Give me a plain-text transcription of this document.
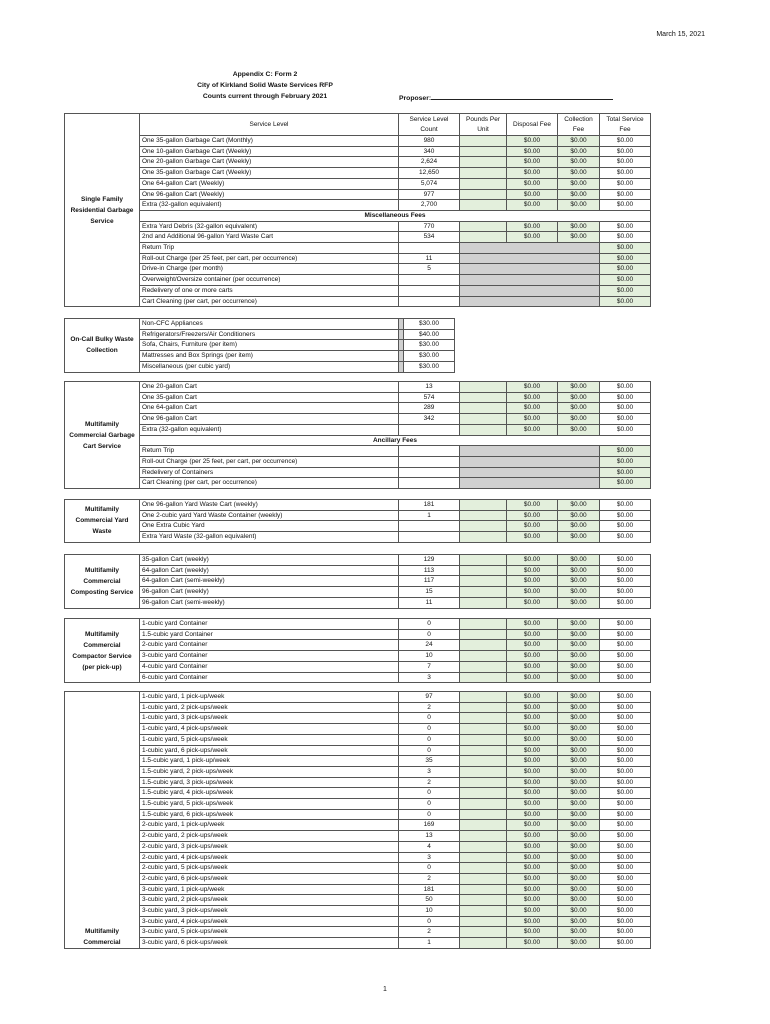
March 15, 2021
Appendix C: Form 2
City of Kirkland Solid Waste Services RFP
Counts current through February 2021	Proposer:
Single Family Residential Garbage Service	Service Level	Service Level Count	Pounds Per Unit	Disposal Fee	Collection Fee	Total Service Fee
	One 35-gallon Garbage Cart (Monthly)	980		$0.00	$0.00	$0.00
	One 10-gallon Garbage Cart (Weekly)	340		$0.00	$0.00	$0.00
	One 20-gallon Garbage Cart (Weekly)	2,624		$0.00	$0.00	$0.00
	One 35-gallon Garbage Cart (Weekly)	12,650		$0.00	$0.00	$0.00
	One 64-gallon Cart (Weekly)	5,074		$0.00	$0.00	$0.00
	One 96-gallon Cart (Weekly)	977		$0.00	$0.00	$0.00
	Extra (32-gallon equivalent)	2,700		$0.00	$0.00	$0.00
	Miscellaneous Fees					
	Extra Yard Debris (32-gallon equivalent)	770		$0.00	$0.00	$0.00
	2nd and Additional 96-gallon Yard Waste Cart	534		$0.00	$0.00	$0.00
	Return Trip					$0.00
	Roll-out Charge (per 25 feet, per cart, per occurrence)	11				$0.00
	Drive-in Charge (per month)	5				$0.00
	Overweight/Oversize container (per occurrence)					$0.00
	Redelivery of one or more carts					$0.00
	Cart Cleaning (per cart, per occurrence)					$0.00
On-Call Bulky Waste Collection	Non-CFC Appliances		$30.00
	Refrigerators/Freezers/Air Conditioners		$40.00
	Sofa, Chairs, Furniture (per item)		$30.00
	Mattresses and Box Springs (per item)		$30.00
	Miscellaneous (per cubic yard)		$30.00
Multifamily Commercial Garbage Cart Service	One 20-gallon Cart	13		$0.00	$0.00	$0.00
	One 35-gallon Cart	574		$0.00	$0.00	$0.00
	One 64-gallon Cart	289		$0.00	$0.00	$0.00
	One 96-gallon Cart	342		$0.00	$0.00	$0.00
	Extra (32-gallon equivalent)			$0.00	$0.00	$0.00
	Ancillary Fees					
	Return Trip					$0.00
	Roll-out Charge (per 25 feet, per cart, per occurrence)					$0.00
	Redelivery of Containers					$0.00
	Cart Cleaning (per cart, per occurrence)					$0.00
Multifamily Commercial Yard Waste	One 96-gallon Yard Waste Cart (weekly)	181		$0.00	$0.00	$0.00
	One 2-cubic yard Yard Waste Container (weekly)	1		$0.00	$0.00	$0.00
	One Extra Cubic Yard			$0.00	$0.00	$0.00
	Extra Yard Waste (32-gallon equivalent)			$0.00	$0.00	$0.00
Multifamily Commercial Composting Service	35-gallon Cart (weekly)	129		$0.00	$0.00	$0.00
	64-gallon Cart (weekly)	113		$0.00	$0.00	$0.00
	64-gallon Cart (semi-weekly)	117		$0.00	$0.00	$0.00
	96-gallon Cart (weekly)	15		$0.00	$0.00	$0.00
	96-gallon Cart (semi-weekly)	11		$0.00	$0.00	$0.00
Multifamily Commercial Compactor Service (per pick-up)	1-cubic yard Container	0		$0.00	$0.00	$0.00
	1.5-cubic yard Container	0		$0.00	$0.00	$0.00
	2-cubic yard Container	24		$0.00	$0.00	$0.00
	3-cubic yard Container	10		$0.00	$0.00	$0.00
	4-cubic yard Container	7		$0.00	$0.00	$0.00
	6-cubic yard Container	3		$0.00	$0.00	$0.00
Multifamily Commercial	1-cubic yard, 1 pick-up/week	97		$0.00	$0.00	$0.00
	1-cubic yard, 2 pick-ups/week	2		$0.00	$0.00	$0.00
	1-cubic yard, 3 pick-ups/week	0		$0.00	$0.00	$0.00
	1-cubic yard, 4 pick-ups/week	0		$0.00	$0.00	$0.00
	1-cubic yard, 5 pick-ups/week	0		$0.00	$0.00	$0.00
	1-cubic yard, 6 pick-ups/week	0		$0.00	$0.00	$0.00
	1.5-cubic yard, 1 pick-up/week	35		$0.00	$0.00	$0.00
	1.5-cubic yard, 2 pick-ups/week	3		$0.00	$0.00	$0.00
	1.5-cubic yard, 3 pick-ups/week	2		$0.00	$0.00	$0.00
	1.5-cubic yard, 4 pick-ups/week	0		$0.00	$0.00	$0.00
	1.5-cubic yard, 5 pick-ups/week	0		$0.00	$0.00	$0.00
	1.5-cubic yard, 6 pick-ups/week	0		$0.00	$0.00	$0.00
	2-cubic yard, 1 pick-up/week	169		$0.00	$0.00	$0.00
	2-cubic yard, 2 pick-ups/week	13		$0.00	$0.00	$0.00
	2-cubic yard, 3 pick-ups/week	4		$0.00	$0.00	$0.00
	2-cubic yard, 4 pick-ups/week	3		$0.00	$0.00	$0.00
	2-cubic yard, 5 pick-ups/week	0		$0.00	$0.00	$0.00
	2-cubic yard, 6 pick-ups/week	2		$0.00	$0.00	$0.00
	3-cubic yard, 1 pick-up/week	181		$0.00	$0.00	$0.00
	3-cubic yard, 2 pick-ups/week	50		$0.00	$0.00	$0.00
	3-cubic yard, 3 pick-ups/week	10		$0.00	$0.00	$0.00
	3-cubic yard, 4 pick-ups/week	0		$0.00	$0.00	$0.00
	3-cubic yard, 5 pick-ups/week	2		$0.00	$0.00	$0.00
	3-cubic yard, 6 pick-ups/week	1		$0.00	$0.00	$0.00
1
